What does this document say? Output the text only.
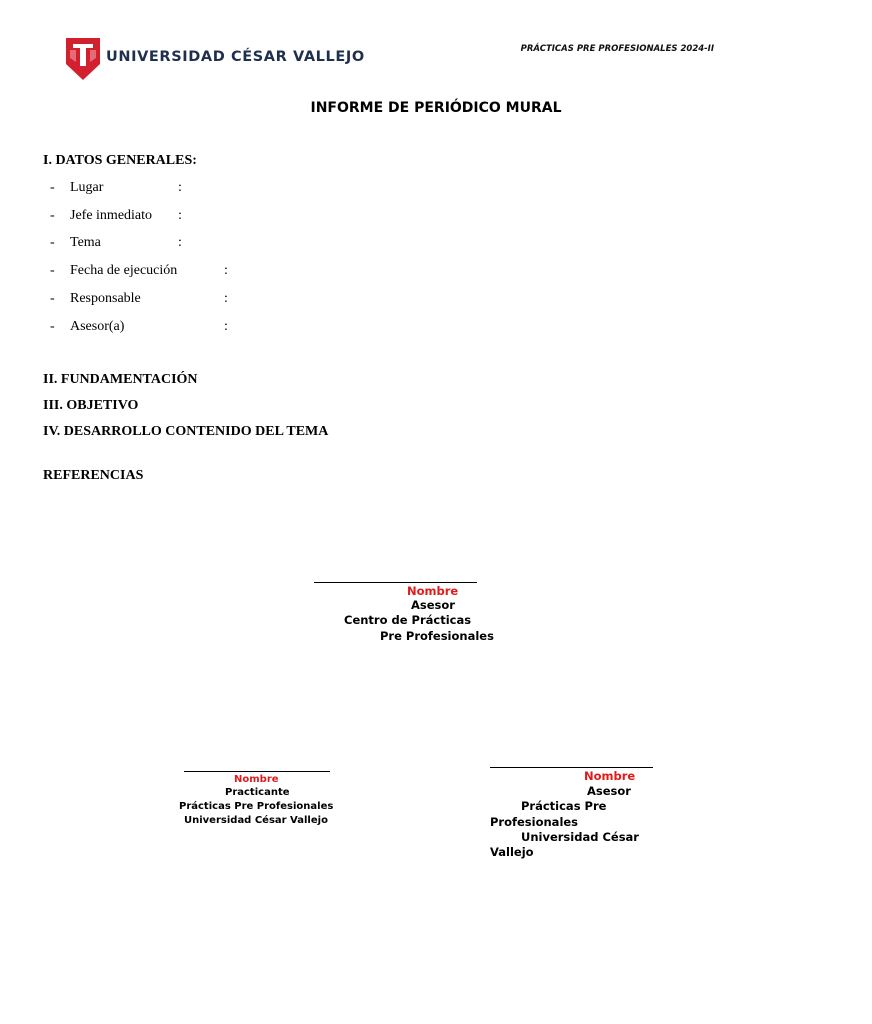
UNIVERSIDAD CÉSAR VALLEJO	PRÁCTICAS PRE PROFESIONALES 2024-II
INFORME DE PERIÓDICO MURAL
I. DATOS GENERALES:
- Lugar	:
- Jefe inmediato :
- Tema	:
- Fecha de ejecución	:
- Responsable	:
- Asesor(a)	:
II. FUNDAMENTACIÓN
III. OBJETIVO
IV. DESARROLLO CONTENIDO DEL TEMA
REFERENCIAS
Nombre
Asesor
Centro de Prácticas
Pre Profesionales
Nombre
Practicante
Prácticas Pre Profesionales
Universidad César Vallejo
Nombre
Asesor
Prácticas Pre
Profesionales
Universidad César
Vallejo
